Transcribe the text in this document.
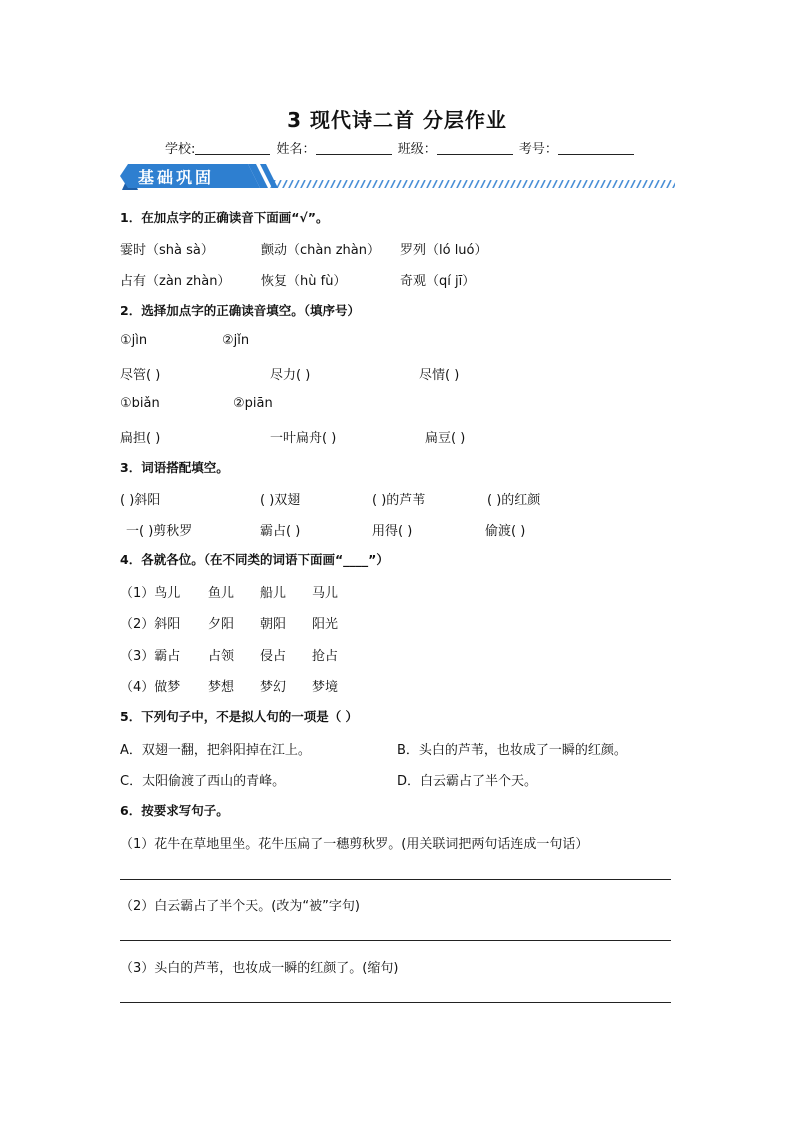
3 现代诗二首 分层作业
学校:	姓名：	班级：	考号：
基础巩固
1．在加点字的正确读音下面画“√”。
霎时（shà sà）	颤动（chàn zhàn） 罗列（ló luó）
占有（zàn zhàn） 恢复（hù fù）	奇观（qí jī）
2．选择加点字的正确读音填空。（填序号）
①jìn	②jǐn
尽管( )	尽力( )	尽情( )
①biǎn	②piān
扁担( )	一叶扁舟( )	扁豆( )
3．词语搭配填空。
( )斜阳	( )双翅	( )的芦苇	( )的红颜
一( )剪秋罗	霸占( )	用得( )	偷渡( )
4．各就各位。（在不同类的词语下面画“____”）
（1）鸟儿 鱼儿 船儿 马儿
（2）斜阳 夕阳 朝阳 阳光
（3）霸占 占领 侵占 抢占
（4）做梦 梦想 梦幻 梦境
5．下列句子中，不是拟人句的一项是（ ）
A．双翅一翻，把斜阳掉在江上。	B．头白的芦苇，也妆成了一瞬的红颜。
C．太阳偷渡了西山的青峰。	D．白云霸占了半个天。
6．按要求写句子。
（1）花牛在草地里坐。花牛压扁了一穗剪秋罗。(用关联词把两句话连成一句话）
（2）白云霸占了半个天。(改为“被”字句)
（3）头白的芦苇，也妆成一瞬的红颜了。(缩句)
